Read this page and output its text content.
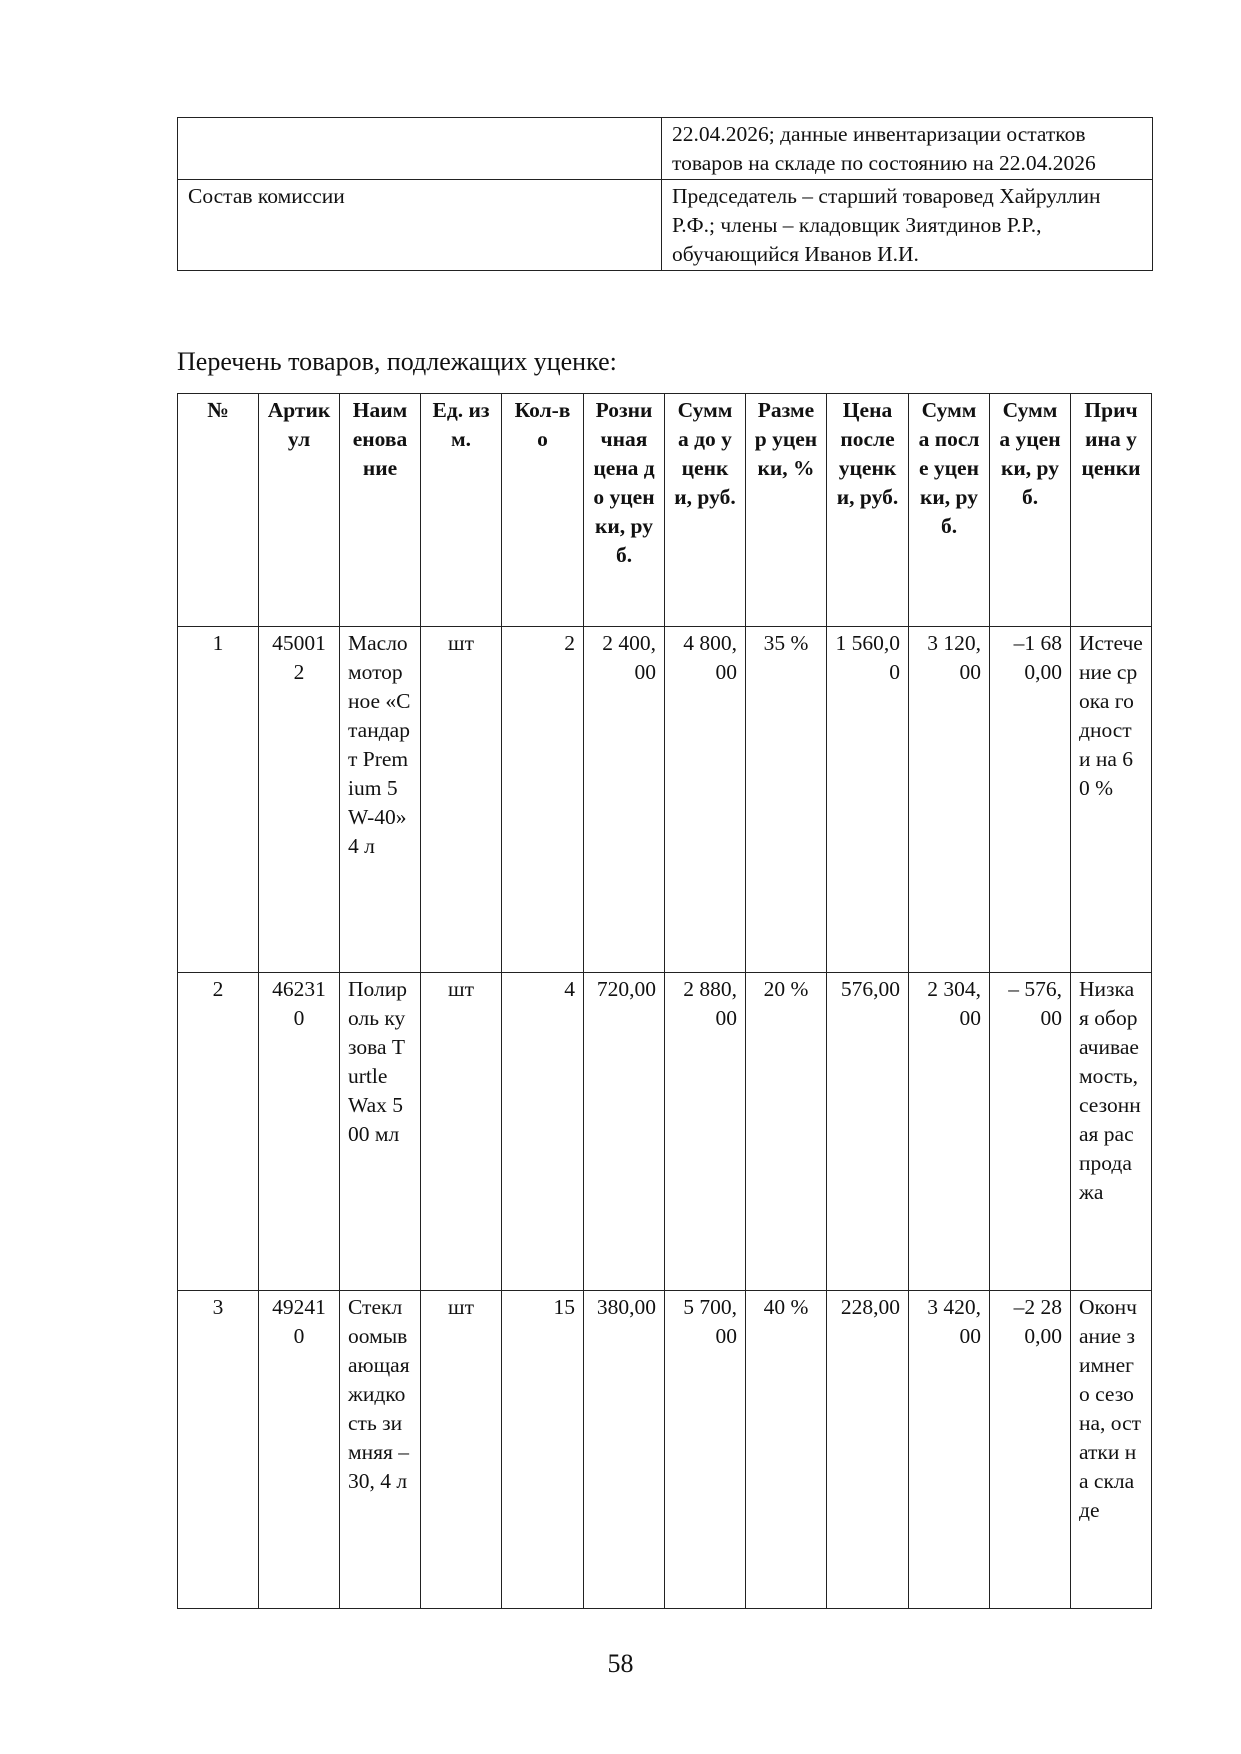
	22.04.2026; данные инвентаризации остатков товаров на складе по состоянию на 22.04.2026
Состав комиссии	Председатель – старший товаровед Хайруллин Р.Ф.; члены – кладовщик Зиятдинов Р.Р., обучающийся Иванов И.И.
Перечень товаров, подлежащих уценке:
№	Артикул	Наименование	Ед. изм.	Кол-во	Розничная цена до уценки, руб.	Сумма до уценки, руб.	Размер уценки, %	Цена после уценки, руб.	Сумма после уценки, руб.	Сумма уценки, руб.	Причина уценки
1	450012	Масло моторное «Стандарт Premium 5W-40» 4 л	шт	2	2 400,00	4 800,00	35 %	1 560,00	3 120,00	–1 680,00	Истечение срока годности на 60 %
2	462310	Полироль кузова Turtle Wax 500 мл	шт	4	720,00	2 880,00	20 %	576,00	2 304,00	– 576,00	Низкая оборачиваемость, сезонная распродажа
3	492410	Стеклоомывающая жидкость зимняя –30, 4 л	шт	15	380,00	5 700,00	40 %	228,00	3 420,00	–2 280,00	Окончание зимнего сезона, остатки на складе
58
